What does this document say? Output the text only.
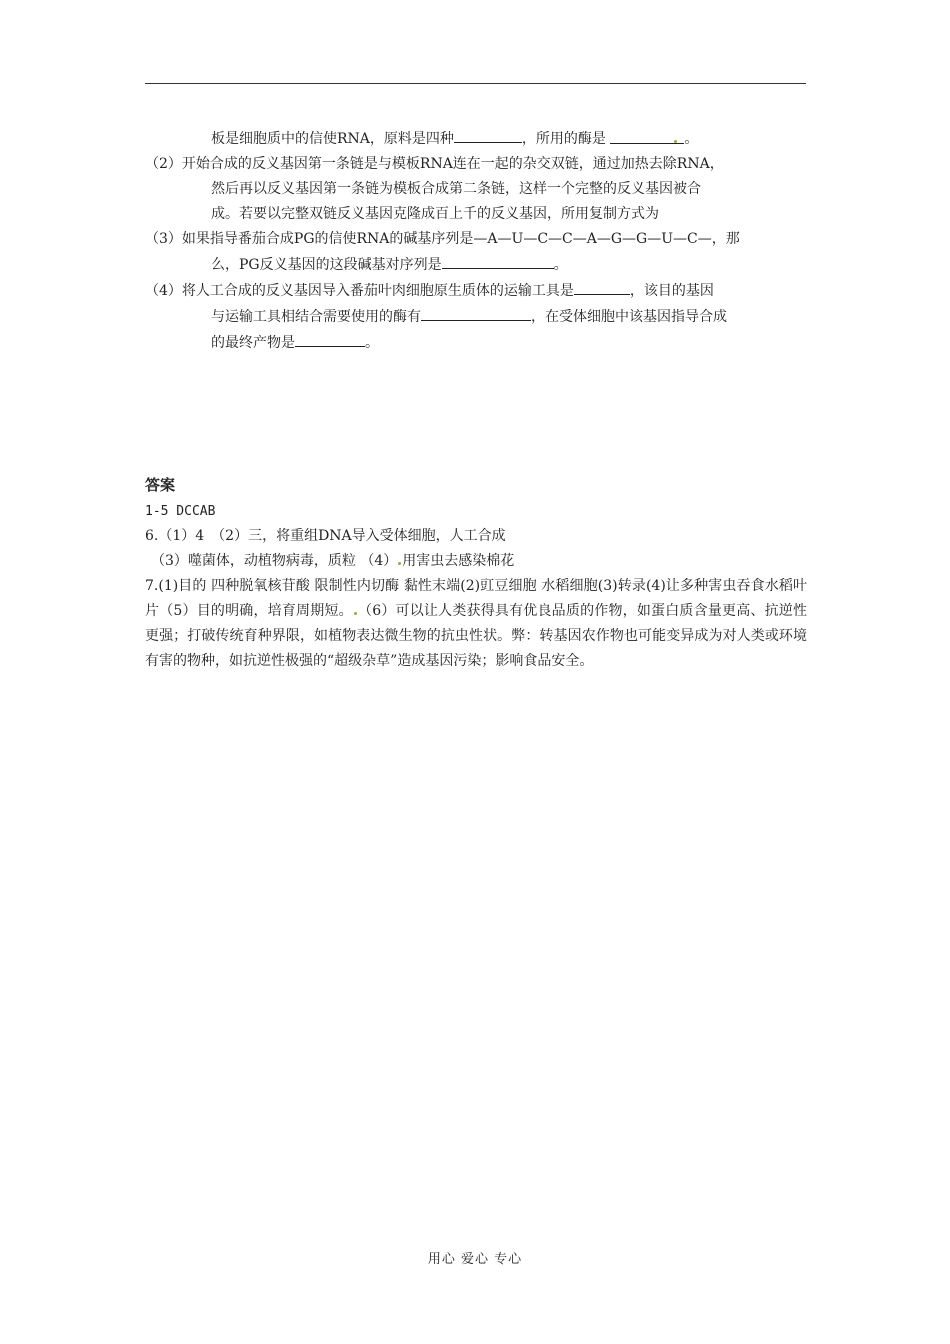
板是细胞质中的信使RNA，原料是四种	，所用的酶是	。
（2）开始合成的反义基因第一条链是与模板RNA连在一起的杂交双链，通过加热去除RNA，
然后再以反义基因第一条链为模板合成第二条链，这样一个完整的反义基因被合
成。若要以完整双链反义基因克隆成百上千的反义基因，所用复制方式为
（3）如果指导番茄合成PG的信使RNA的碱基序列是—A—U—C—C—A—G—G—U—C—，那
么，PG反义基因的这段碱基对序列是	。
（4）将人工合成的反义基因导入番茄叶肉细胞原生质体的运输工具是	，该目的基因
与运输工具相结合需要使用的酶有	，在受体细胞中该基因指导合成
的最终产物是	。
答案
1-5 DCCAB
6.（1）4　（2）三，将重组DNA导入受体细胞，人工合成
（3）噬菌体，动植物病毒，质粒 （4） 用害虫去感染棉花
7.(1)目的 四种脱氧核苷酸 限制性内切酶 黏性末端(2)豇豆细胞 水稻细胞(3)转录(4)让多种害虫吞食水稻叶片（5）目的明确，培育周期短。 （6）可以让人类获得具有优良品质的作物，如蛋白质含量更高、抗逆性更强；打破传统育种界限，如植物表达微生物的抗虫性状。弊：转基因农作物也可能变异成为对人类或环境有害的物种，如抗逆性极强的“超级杂草”造成基因污染；影响食品安全。
用心 爱心 专心
